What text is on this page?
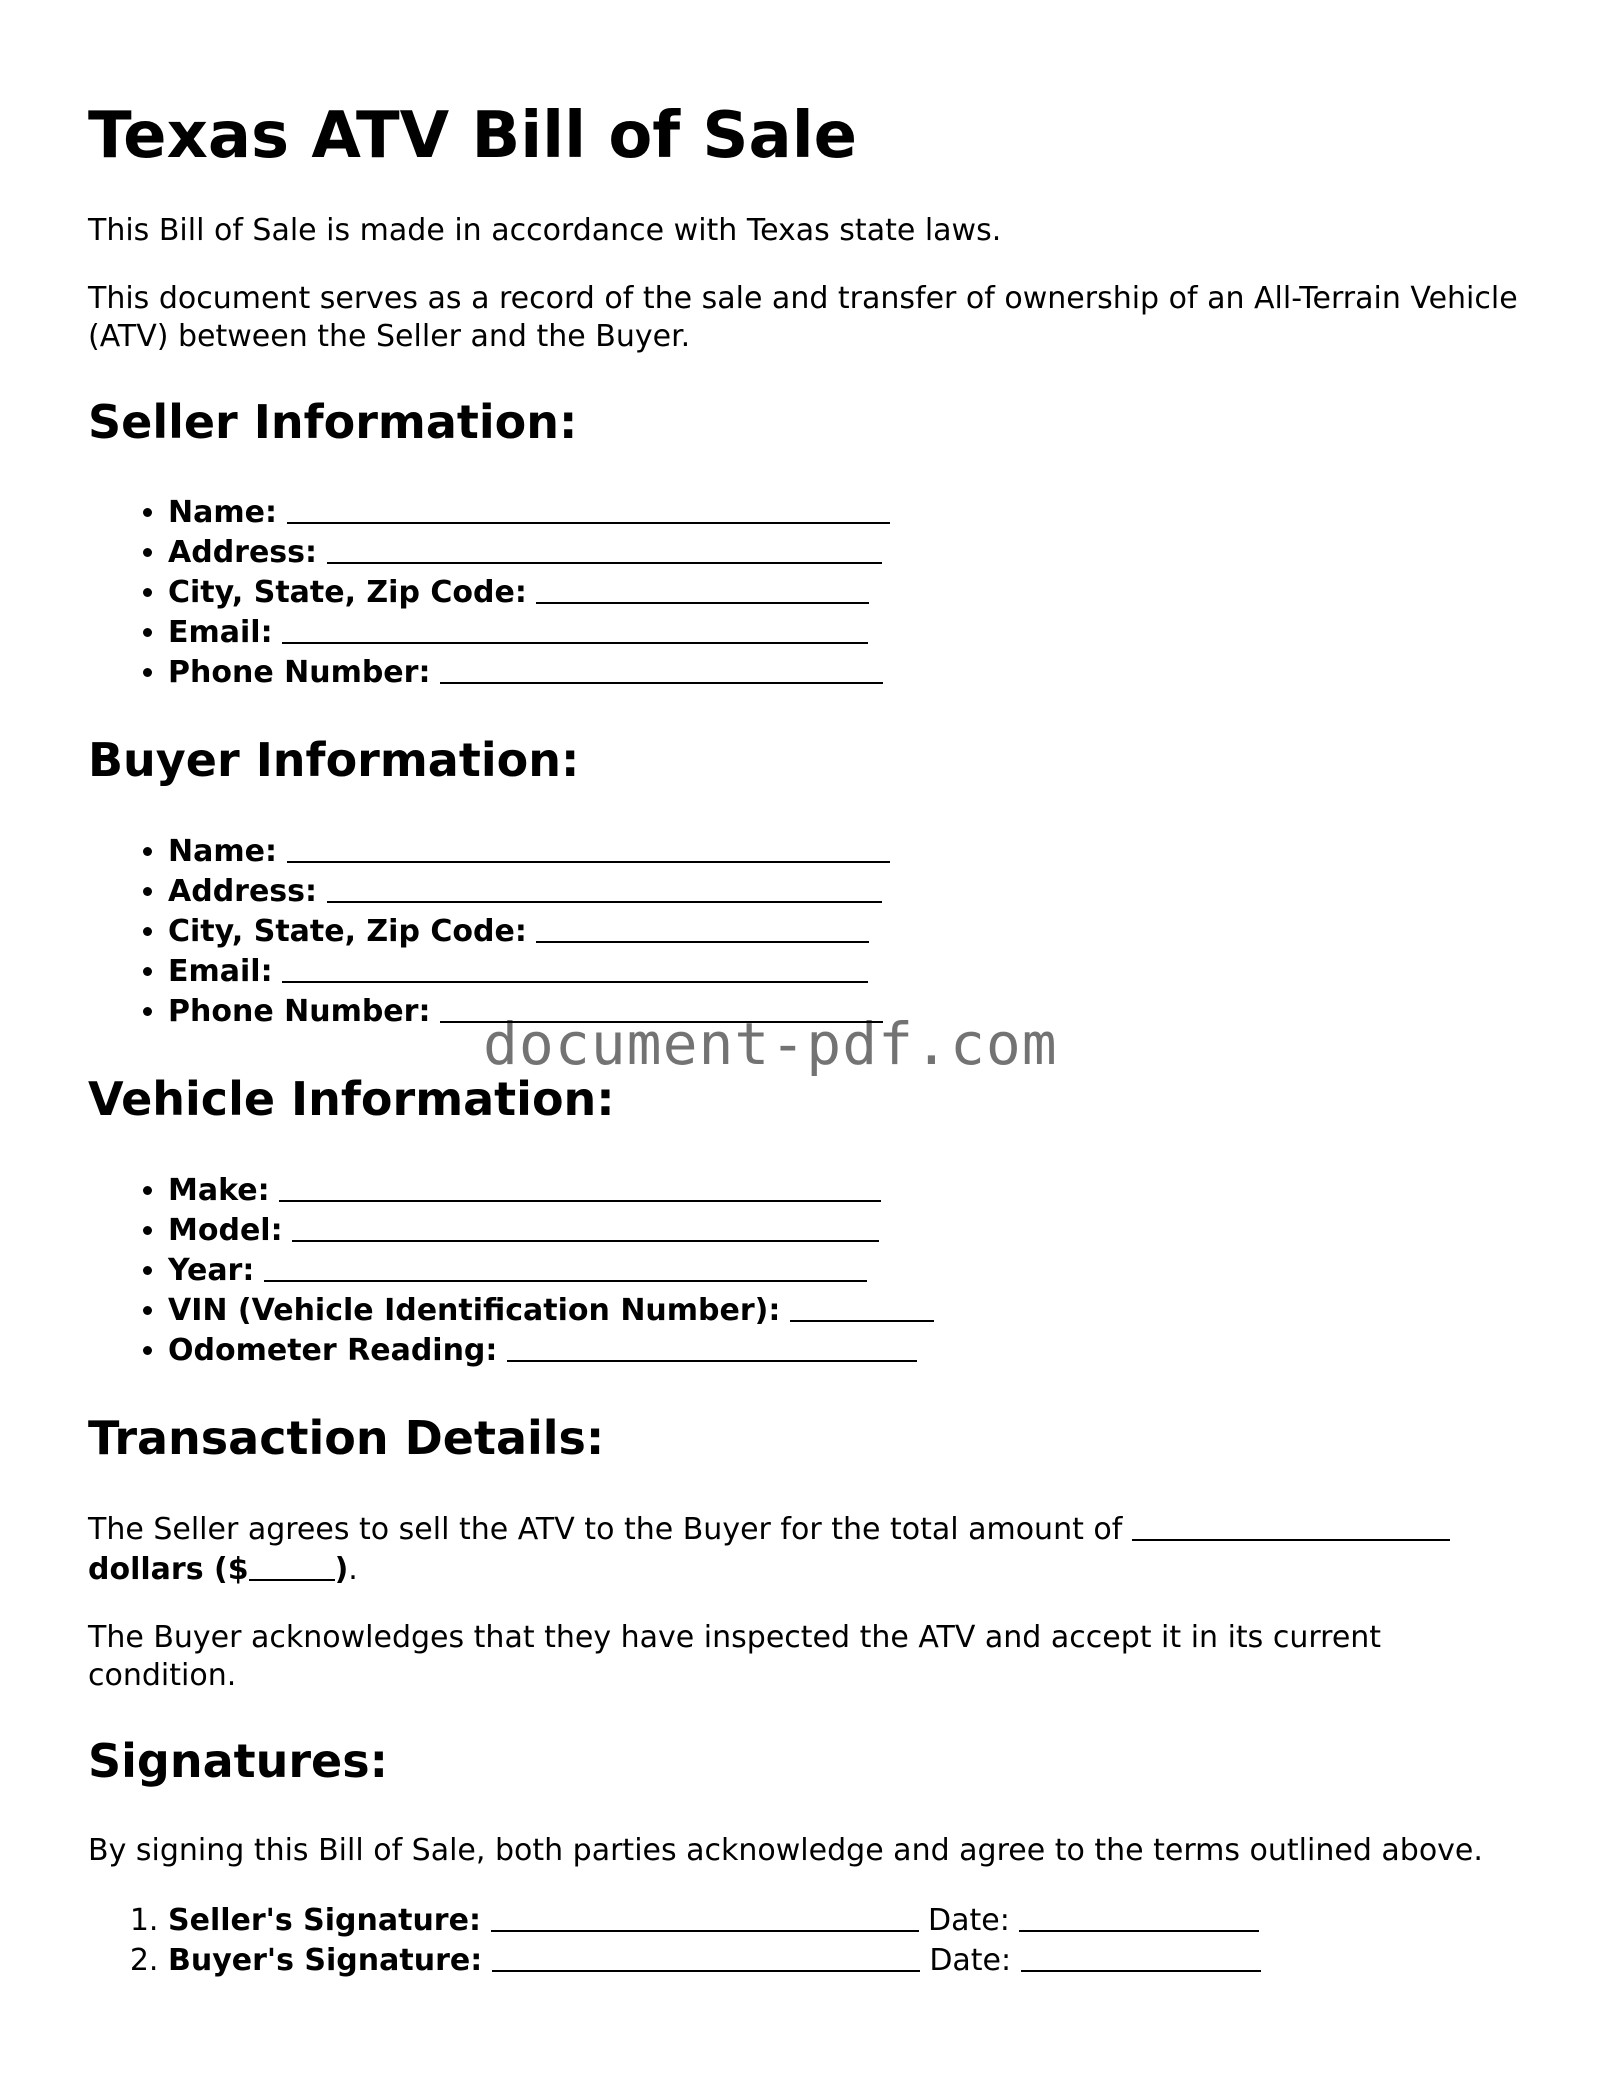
Texas ATV Bill of Sale

This Bill of Sale is made in accordance with Texas state laws.

This document serves as a record of the sale and transfer of ownership of an All-Terrain Vehicle (ATV) between the Seller and the Buyer.

Seller Information:
• Name:
• Address:
• City, State, Zip Code:
• Email:
• Phone Number:
Buyer Information:
• Name:
• Address:
• City, State, Zip Code:
• Email:
• Phone Number:
Vehicle Information:
• Make:
• Model:
• Year:
• VIN (Vehicle Identification Number):
• Odometer Reading:
Transaction Details:

The Seller agrees to sell the ATV to the Buyer for the total amount of
dollars ($	).

The Buyer acknowledges that they have inspected the ATV and accept it in its current condition.

Signatures:

By signing this Bill of Sale, both parties acknowledge and agree to the terms outlined above.

1. Seller's Signature:	Date:
2. Buyer's Signature:	Date:
document-pdf.com
